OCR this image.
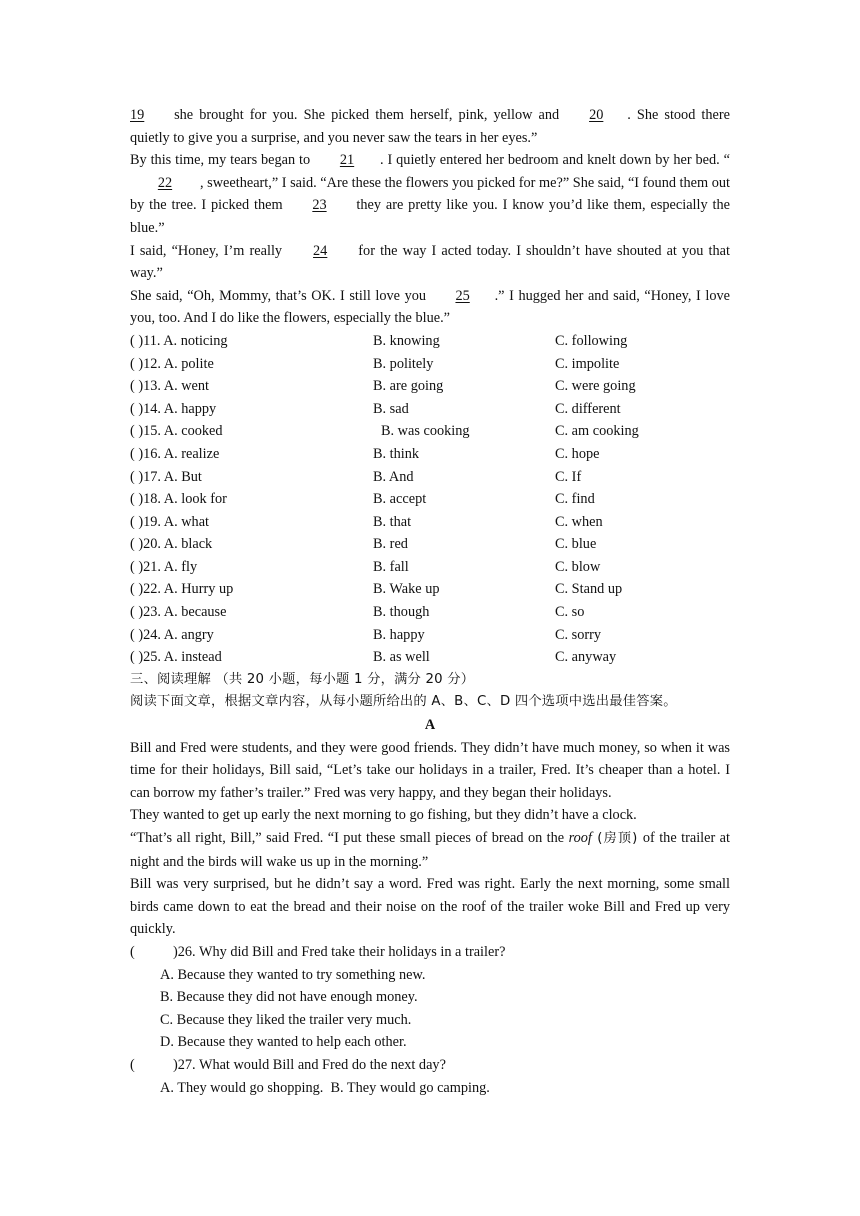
19 she brought for you. She picked them herself, pink, yellow and 20 . She stood there quietly to give you a surprise, and you never saw the tears in her eyes.”

By this time, my tears began to 21 . I quietly entered her bedroom and knelt down by her bed. “22 , sweetheart,” I said. “Are these the flowers you picked for me?” She said, “I found them out by the tree. I picked them 23 they are pretty like you. I know you’d like them, especially the blue.”

I said, “Honey, I’m really 24 for the way I acted today. I shouldn’t have shouted at you that way.”

She said, “Oh, Mommy, that’s OK. I still love you 25 .” I hugged her and said, “Honey, I love you, too. And I do like the flowers, especially the blue.”

( )11. A. noticing	B. knowing	C. following
( )12. A. polite	B. politely	C. impolite
( )13. A. went	B. are going	C. were going
( )14. A. happy	B. sad	C. different
( )15. A. cooked	B. was cooking	C. am cooking
( )16. A. realize	B. think	C. hope
( )17. A. But	B. And	C. If
( )18. A. look for	B. accept	C. find
( )19. A. what	B. that	C. when
( )20. A. black	B. red	C. blue
( )21. A. fly	B. fall	C. blow
( )22. A. Hurry up	B. Wake up	C. Stand up
( )23. A. because	B. though	C. so
( )24. A. angry	B. happy	C. sorry
( )25. A. instead	B. as well	C. anyway

三、阅读理解 （共 20 小题，每小题 1 分，满分 20 分）

阅读下面文章，根据文章内容，从每小题所给出的 A、B、C、D 四个选项中选出最佳答案。

A

Bill and Fred were students, and they were good friends. They didn’t have much money, so when it was time for their holidays, Bill said, “Let’s take our holidays in a trailer, Fred. It’s cheaper than a hotel. I can borrow my father’s trailer.” Fred was very happy, and they began their holidays.

They wanted to get up early the next morning to go fishing, but they didn’t have a clock.

“That’s all right, Bill,” said Fred. “I put these small pieces of bread on the roof (房顶) of the trailer at night and the birds will wake us up in the morning.”

Bill was very surprised, but he didn’t say a word. Fred was right. Early the next morning, some small birds came down to eat the bread and their noise on the roof of the trailer woke Bill and Fred up very quickly.

(	)26. Why did Bill and Fred take their holidays in a trailer?

A. Because they wanted to try something new.

B. Because they did not have enough money.

C. Because they liked the trailer very much.

D. Because they wanted to help each other.

(	)27. What would Bill and Fred do the next day?

A. They would go shopping.  B. They would go camping.
